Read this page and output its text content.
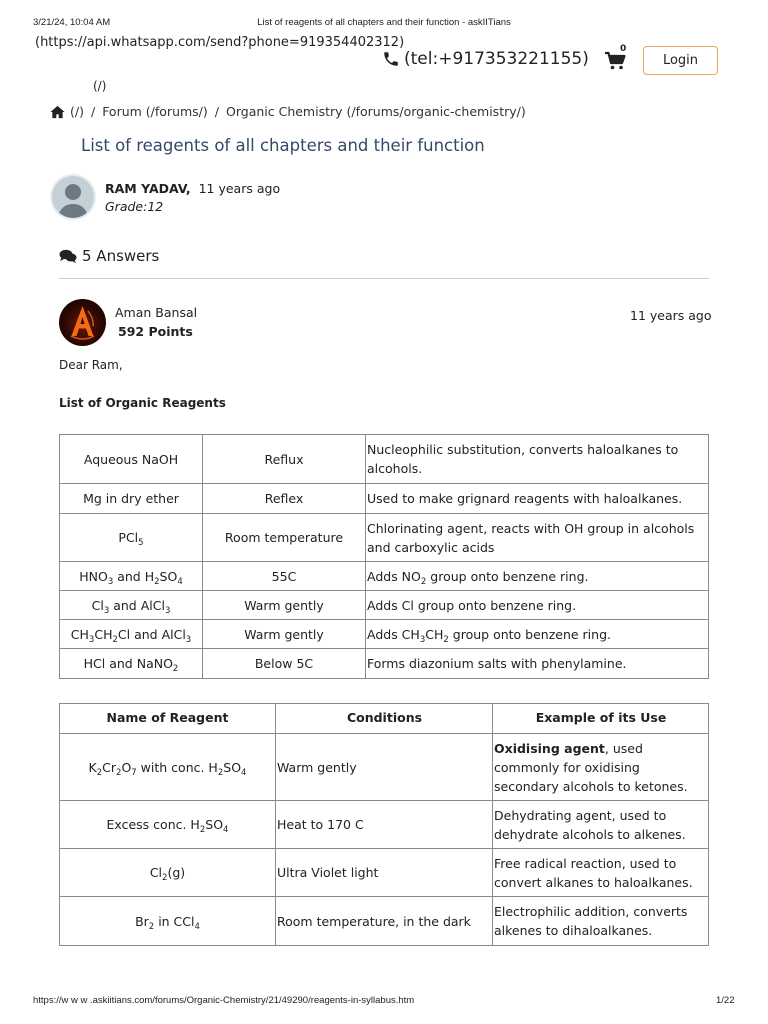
3/21/24, 10:04 AM	List of reagents of all chapters and their function - askIITians
(https://api.whatsapp.com/send?phone=919354402312)
(tel:+917353221155)	0
Login
(/)
(/) / Forum (/forums/) / Organic Chemistry (/forums/organic-chemistry/)
List of reagents of all chapters and their function
RAM YADAV, 11 years ago
Grade:12
5 Answers
Aman Bansal
592 Points
11 years ago
Dear Ram,
List of Organic Reagents
Aqueous NaOH	Reflux	Nucleophilic substitution, converts haloalkanes to alcohols.
Mg in dry ether	Reflex	Used to make grignard reagents with haloalkanes.
PCl$_5$	Room temperature	Chlorinating agent, reacts with OH group in alcohols and carboxylic acids
$HNO_3$ and $H_2SO_4$	55C	Adds $NO_2$ group onto benzene ring.
$Cl_3$ and AlCl$_3$	Warm gently	Adds Cl group onto benzene ring.
$CH_3CH_2Cl$ and AlCl$_3$	Warm gently	Adds $CH_3CH_2$ group onto benzene ring.
HCl and NaNO$_2$	Below 5C	Forms diazonium salts with phenylamine.
Name of Reagent	Conditions	Example of its Use
$K_2Cr_2O_7$ with conc. $H_2SO_4$	Warm gently	Oxidising agent, used commonly for oxidising secondary alcohols to ketones.
Excess conc. $H_2SO_4$	Heat to 170 C	Dehydrating agent, used to dehydrate alcohols to alkenes.
$Cl_2(g)$	Ultra Violet light	Free radical reaction, used to convert alkanes to haloalkanes.
$Br_2$ in CCl$_4$	Room temperature, in the dark	Electrophilic addition, converts alkenes to dihaloalkanes.
https://w w w .askiitians.com/forums/Organic-Chemistry/21/49290/reagents-in-syllabus.htm	1/22
